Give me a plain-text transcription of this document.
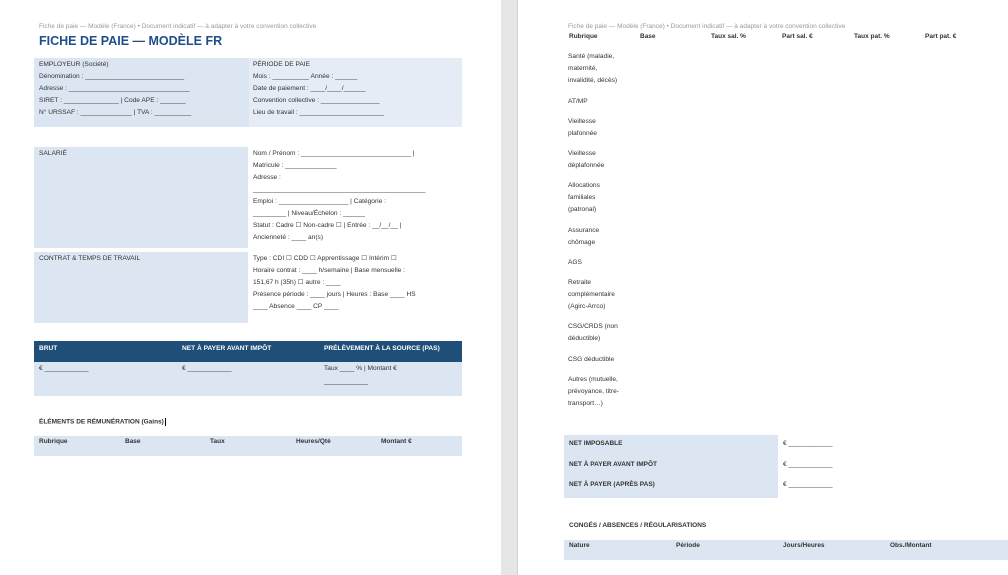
Fiche de paie — Modèle (France) • Document indicatif — à adapter à votre convention collective
FICHE DE PAIE — MODÈLE FR
EMPLOYEUR (Société)
Dénomination : ___________________________
Adresse : _________________________________
SIRET : _______________ | Code APE : _______
N° URSSAF : ______________ | TVA : __________
PÉRIODE DE PAIE
Mois : __________ Année : ______
Date de paiement : ____/____/______
Convention collective : ________________
Lieu de travail : _______________________
SALARIÉ	Nom / Prénom : ______________________________ |
Matricule : ______________
Adresse :
_______________________________________________
Emploi : ___________________ | Catégorie :
_________ | Niveau/Échelon : ______
Statut : Cadre ☐ Non-cadre ☐ | Entrée : __/__/__ |
Ancienneté : ____ an(s)
CONTRAT & TEMPS DE TRAVAIL	Type : CDI ☐ CDD ☐ Apprentissage ☐ Intérim ☐
Horaire contrat : ____ h/semaine | Base mensuelle :
151,67 h (35h) ☐ autre : ____
Présence période : ____ jours | Heures : Base ____ HS
____ Absence ____ CP ____
BRUT	NET À PAYER AVANT IMPÔT	PRÉLÈVEMENT À LA SOURCE (PAS)
€ ____________	€ ____________	Taux ____ % | Montant €
____________
ÉLÉMENTS DE RÉMUNÉRATION (Gains)
Rubrique	Base	Taux	Heures/Qté	Montant €
Fiche de paie — Modèle (France) • Document indicatif — à adapter à votre convention collective
Rubrique	Base	Taux sal. %	Part sal. €	Taux pat. %	Part pat. €
Santé (maladie,
maternité,
invalidité, décès)
AT/MP
Vieillesse
plafonnée
Vieillesse
déplafonnée
Allocations
familiales
(patronal)
Assurance
chômage
AGS
Retraite
complémentaire
(Agirc-Arrco)
CSG/CRDS (non
déductible)
CSG déductible
Autres (mutuelle,
prévoyance, titre-
transport…)
NET IMPOSABLE	€ ____________
NET À PAYER AVANT IMPÔT	€ ____________
NET À PAYER (APRÈS PAS)	€ ____________
CONGÉS / ABSENCES / RÉGULARISATIONS
Nature	Période	Jours/Heures	Obs./Montant
